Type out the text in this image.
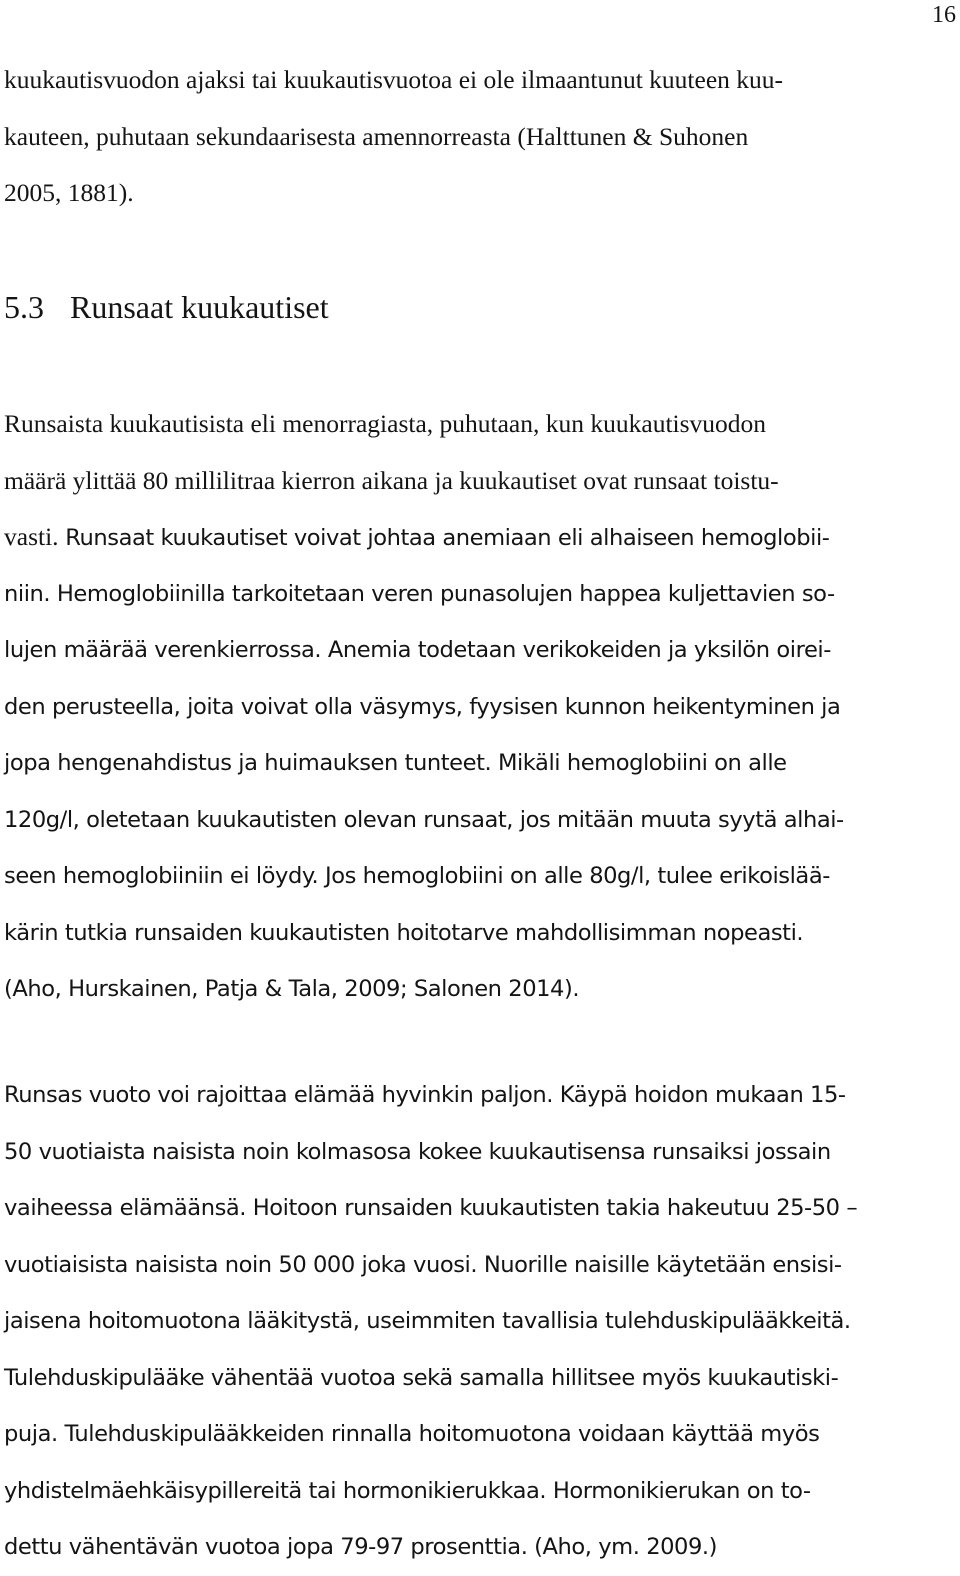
16
kuukautisvuodon ajaksi tai kuukautisvuotoa ei ole ilmaantunut kuuteen kuu-
kauteen, puhutaan sekundaarisesta amennorreasta (Halttunen & Suhonen
2005, 1881).
5.3 Runsaat kuukautiset
Runsaista kuukautisista eli menorragiasta, puhutaan, kun kuukautisvuodon
määrä ylittää 80 millilitraa kierron aikana ja kuukautiset ovat runsaat toistu-
vasti. Runsaat kuukautiset voivat johtaa anemiaan eli alhaiseen hemoglobii-
niin. Hemoglobiinilla tarkoitetaan veren punasolujen happea kuljettavien so-
lujen määrää verenkierrossa. Anemia todetaan verikokeiden ja yksilön oirei-
den perusteella, joita voivat olla väsymys, fyysisen kunnon heikentyminen ja
jopa hengenahdistus ja huimauksen tunteet. Mikäli hemoglobiini on alle
120g/l, oletetaan kuukautisten olevan runsaat, jos mitään muuta syytä alhai-
seen hemoglobiiniin ei löydy. Jos hemoglobiini on alle 80g/l, tulee erikoislää-
kärin tutkia runsaiden kuukautisten hoitotarve mahdollisimman nopeasti.
(Aho, Hurskainen, Patja & Tala, 2009; Salonen 2014).
Runsas vuoto voi rajoittaa elämää hyvinkin paljon. Käypä hoidon mukaan 15-
50 vuotiaista naisista noin kolmasosa kokee kuukautisensa runsaiksi jossain
vaiheessa elämäänsä. Hoitoon runsaiden kuukautisten takia hakeutuu 25-50 –
vuotiaisista naisista noin 50 000 joka vuosi. Nuorille naisille käytetään ensisi-
jaisena hoitomuotona lääkitystä, useimmiten tavallisia tulehduskipulääkkeitä.
Tulehduskipulääke vähentää vuotoa sekä samalla hillitsee myös kuukautiski-
puja. Tulehduskipulääkkeiden rinnalla hoitomuotona voidaan käyttää myös
yhdistelmäehkäisypillereitä tai hormonikierukkaa. Hormonikierukan on to-
dettu vähentävän vuotoa jopa 79-97 prosenttia. (Aho, ym. 2009.)
